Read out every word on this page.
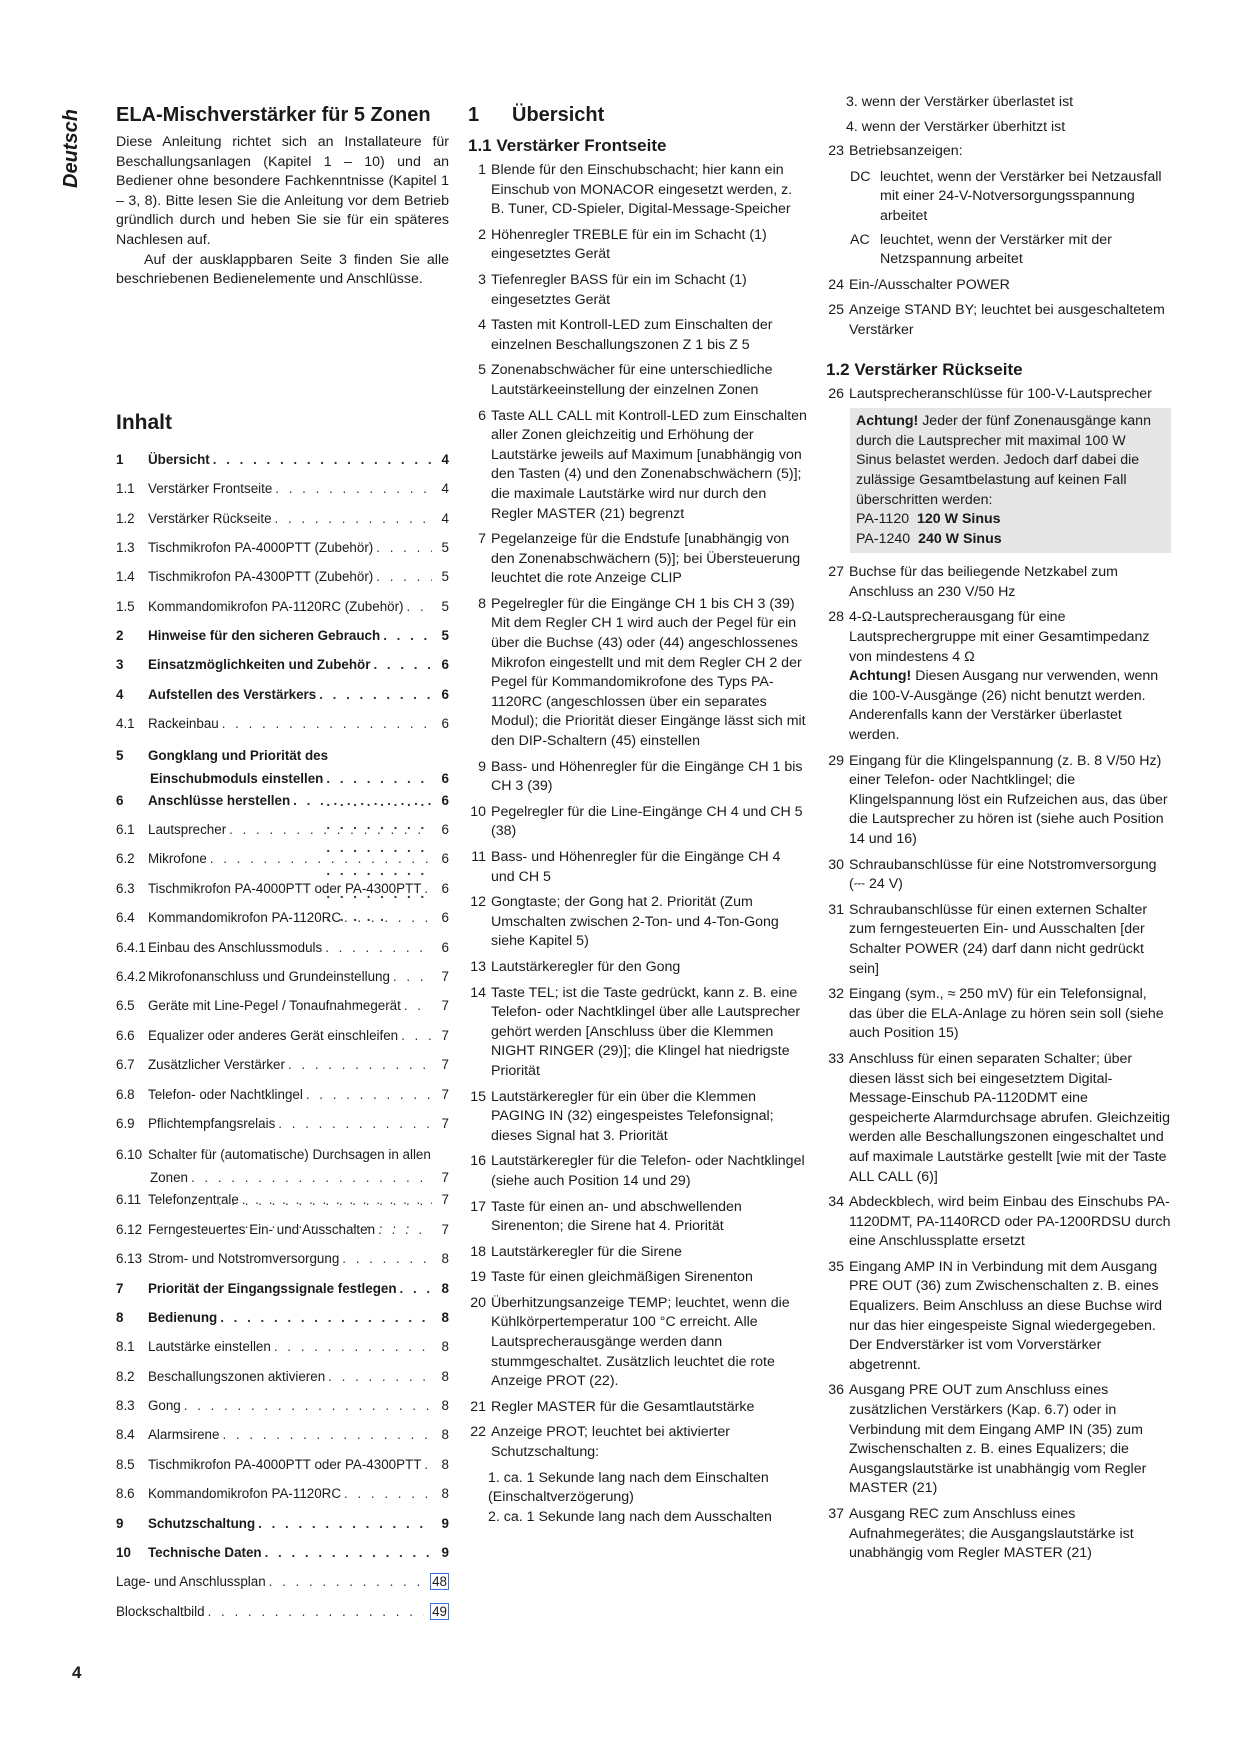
Deutsch ELA-Mischverstärker für 5 Zonen

Diese Anleitung richtet sich an Installateure für Beschallungsanlagen (Kapitel 1 – 10) und an Bediener ohne besondere Fachkenntnisse (Kapitel 1 – 3, 8). Bitte lesen Sie die Anleitung vor dem Betrieb gründlich durch und heben Sie sie für ein späteres Nachlesen auf.

Auf der ausklappbaren Seite 3 finden Sie alle beschriebenen Bedienelemente und Anschlüsse.

Inhalt
1	Übersicht . . .	4
1.1 Verstärker Frontseite . . .	4
1.2 Verstärker Rückseite . . .	4
1.3 Tischmikrofon PA-4000PTT (Zubehör) . . .	5
1.4 Tischmikrofon PA-4300PTT (Zubehör) . . .	5
1.5 Kommandomikrofon PA-1120RC (Zubehör) . . .	5
2	Hinweise für den sicheren Gebrauch . . .	5
3	Einsatzmöglichkeiten und Zubehör . . .	6
4	Aufstellen des Verstärkers . . .	6
4.1 Rackeinbau . . .	6
5 Gongklang und Priorität des
Einschubmoduls einstellen . . .	6
6	Anschlüsse herstellen . . .	6
6.1 Lautsprecher . . .	6
6.2 Mikrofone . . .	6
6.3 Tischmikrofon PA-4000PTT oder PA-4300PTT . . .	6
6.4 Kommandomikrofon PA-1120RC . . .	6
6.4.1 Einbau des Anschlussmoduls . . .	6
6.4.2 Mikrofonanschluss und Grundeinstellung . . .	7
6.5 Geräte mit Line-Pegel / Tonaufnahmegerät . . .	7
6.6 Equalizer oder anderes Gerät einschleifen . . .	7
6.7 Zusätzlicher Verstärker . . .	7
6.8 Telefon- oder Nachtklingel . . .	7
6.9 Pflichtempfangsrelais . . .	7
6.10 Schalter für (automatische) Durchsagen in allen
Zonen . . .	7
6.11 Telefonzentrale . . .	7
6.12 Ferngesteuertes Ein- und Ausschalten . . .	7
6.13 Strom- und Notstromversorgung . . .	8
7	Priorität der Eingangssignale festlegen . . .	8
8	Bedienung . . .	8
8.1 Lautstärke einstellen . . .	8
8.2 Beschallungszonen aktivieren . . .	8
8.3 Gong . . .	8
8.4 Alarmsirene . . .	8
8.5 Tischmikrofon PA-4000PTT oder PA-4300PTT . . .	8
8.6 Kommandomikrofon PA-1120RC . . .	8
9	Schutzschaltung . . .	9
10	Technische Daten . . .	9
Lage- und Anschlussplan . . .	48
Blockschaltbild . . .	49
1 Übersicht
1.1 Verstärker Frontseite
1 Blende für den Einschubschacht; hier kann ein Einschub von MONACOR eingesetzt werden, z. B. Tuner, CD-Spieler, Digital-Message-Speicher
2 Höhenregler TREBLE für ein im Schacht (1) eingesetztes Gerät
3 Tiefenregler BASS für ein im Schacht (1) eingesetztes Gerät
4 Tasten mit Kontroll-LED zum Einschalten der einzelnen Beschallungszonen Z 1 bis Z 5
5 Zonenabschwächer für eine unterschiedliche Lautstärkeeinstellung der einzelnen Zonen
6 Taste ALL CALL mit Kontroll-LED zum Einschalten aller Zonen gleichzeitig und Erhöhung der Lautstärke jeweils auf Maximum [unabhängig von den Tasten (4) und den Zonenabschwächern (5)]; die maximale Lautstärke wird nur durch den Regler MASTER (21) begrenzt
7 Pegelanzeige für die Endstufe [unabhängig von den Zonenabschwächern (5)]; bei Übersteuerung leuchtet die rote Anzeige CLIP
8 Pegelregler für die Eingänge CH 1 bis CH 3 (39) Mit dem Regler CH 1 wird auch der Pegel für ein über die Buchse (43) oder (44) angeschlossenes Mikrofon eingestellt und mit dem Regler CH 2 der Pegel für Kommandomikrofone des Typs PA-1120RC (angeschlossen über ein separates Modul); die Priorität dieser Eingänge lässt sich mit den DIP-Schaltern (45) einstellen
9 Bass- und Höhenregler für die Eingänge CH 1 bis CH 3 (39)
10 Pegelregler für die Line-Eingänge CH 4 und CH 5 (38)
11 Bass- und Höhenregler für die Eingänge CH 4 und CH 5
12 Gongtaste; der Gong hat 2. Priorität (Zum Umschalten zwischen 2-Ton- und 4-Ton-Gong siehe Kapitel 5)
13 Lautstärkeregler für den Gong
14 Taste TEL; ist die Taste gedrückt, kann z. B. eine Telefon- oder Nachtklingel über alle Lautsprecher gehört werden [Anschluss über die Klemmen NIGHT RINGER (29)]; die Klingel hat niedrigste Priorität
15 Lautstärkeregler für ein über die Klemmen PAGING IN (32) eingespeistes Telefonsignal; dieses Signal hat 3. Priorität
16 Lautstärkeregler für die Telefon- oder Nachtklingel (siehe auch Position 14 und 29)
17 Taste für einen an- und abschwellenden Sirenenton; die Sirene hat 4. Priorität
18 Lautstärkeregler für die Sirene
19 Taste für einen gleichmäßigen Sirenenton
20 Überhitzungsanzeige TEMP; leuchtet, wenn die Kühlkörpertemperatur 100 °C erreicht. Alle Lautsprecherausgänge werden dann stummgeschaltet. Zusätzlich leuchtet die rote Anzeige PROT (22).
21 Regler MASTER für die Gesamtlautstärke
22 Anzeige PROT; leuchtet bei aktivierter Schutzschaltung:
1. ca. 1 Sekunde lang nach dem Einschalten (Einschaltverzögerung)
2. ca. 1 Sekunde lang nach dem Ausschalten
3. wenn der Verstärker überlastet ist
4. wenn der Verstärker überhitzt ist
23 Betriebsanzeigen:
DC leuchtet, wenn der Verstärker bei Netzausfall mit einer 24-V-Notversorgungsspannung arbeitet
AC leuchtet, wenn der Verstärker mit der Netzspannung arbeitet
24 Ein-/Ausschalter POWER
25 Anzeige STAND BY; leuchtet bei ausgeschaltetem Verstärker
1.2 Verstärker Rückseite
26 Lautsprecheranschlüsse für 100-V-Lautsprecher
Achtung! Jeder der fünf Zonenausgänge kann durch die Lautsprecher mit maximal 100 W Sinus belastet werden. Jedoch darf dabei die zulässige Gesamtbelastung auf keinen Fall überschritten werden:
PA-1120 120 W Sinus
PA-1240 240 W Sinus
27 Buchse für das beiliegende Netzkabel zum Anschluss an 230 V/50 Hz
28 4-Ω-Lautsprecherausgang für eine Lautsprechergruppe mit einer Gesamtimpedanz von mindestens 4 Ω
Achtung! Diesen Ausgang nur verwenden, wenn die 100-V-Ausgänge (26) nicht benutzt werden. Anderenfalls kann der Verstärker überlastet werden.
29 Eingang für die Klingelspannung (z. B. 8 V/50 Hz) einer Telefon- oder Nachtklingel; die Klingelspannung löst ein Rufzeichen aus, das über die Lautsprecher zu hören ist (siehe auch Position 14 und 16)
30 Schraubanschlüsse für eine Notstromversorgung (⎓ 24 V)
31 Schraubanschlüsse für einen externen Schalter zum ferngesteuerten Ein- und Ausschalten [der Schalter POWER (24) darf dann nicht gedrückt sein]
32 Eingang (sym., ≈ 250 mV) für ein Telefonsignal, das über die ELA-Anlage zu hören sein soll (siehe auch Position 15)
33 Anschluss für einen separaten Schalter; über diesen lässt sich bei eingesetztem Digital-Message-Einschub PA-1120DMT eine gespeicherte Alarmdurchsage abrufen. Gleichzeitig werden alle Beschallungszonen eingeschaltet und auf maximale Lautstärke gestellt [wie mit der Taste ALL CALL (6)]
34 Abdeckblech, wird beim Einbau des Einschubs PA-1120DMT, PA-1140RCD oder PA-1200RDSU durch eine Anschlussplatte ersetzt
35 Eingang AMP IN in Verbindung mit dem Ausgang PRE OUT (36) zum Zwischenschalten z. B. eines Equalizers. Beim Anschluss an diese Buchse wird nur das hier eingespeiste Signal wiedergegeben. Der Endverstärker ist vom Vorverstärker abgetrennt.
36 Ausgang PRE OUT zum Anschluss eines zusätzlichen Verstärkers (Kap. 6.7) oder in Verbindung mit dem Eingang AMP IN (35) zum Zwischenschalten z. B. eines Equalizers; die Ausgangslautstärke ist unabhängig vom Regler MASTER (21)
37 Ausgang REC zum Anschluss eines Aufnahmegerätes; die Ausgangslautstärke ist unabhängig vom Regler MASTER (21)
4
